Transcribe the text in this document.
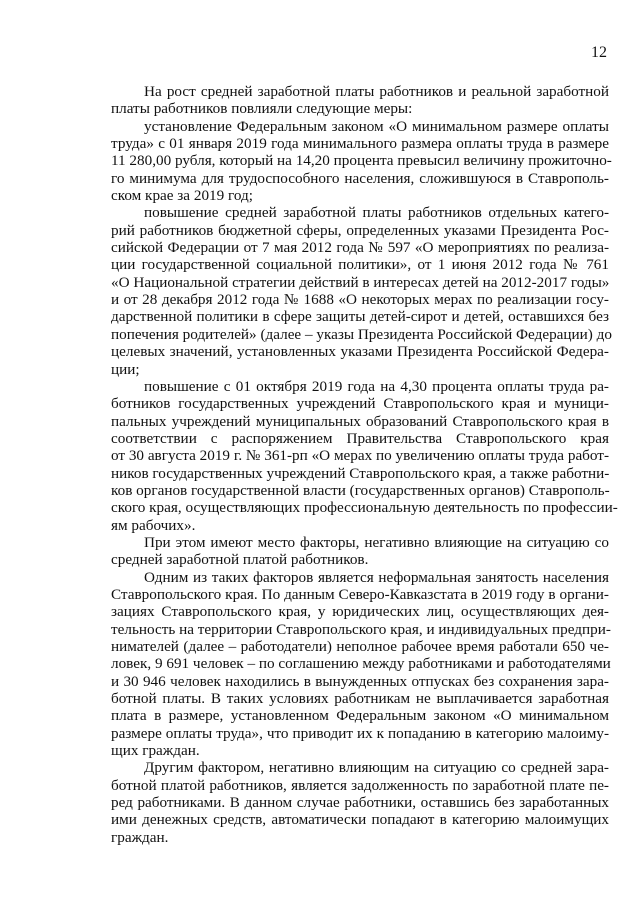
12
На рост средней заработной платы работников и реальной заработной
платы работников повлияли следующие меры:
установление Федеральным законом «О минимальном размере оплаты
труда» с 01 января 2019 года минимального размера оплаты труда в размере
11 280,00 рубля, который на 14,20 процента превысил величину прожиточно-
го минимума для трудоспособного населения, сложившуюся в Ставрополь-
ском крае за 2019 год;
повышение средней заработной платы работников отдельных катего-
рий работников бюджетной сферы, определенных указами Президента Рос-
сийской Федерации от 7 мая 2012 года № 597 «О мероприятиях по реализа-
ции государственной социальной политики», от 1 июня 2012 года № 761
«О Национальной стратегии действий в интересах детей на 2012-2017 годы»
и от 28 декабря 2012 года № 1688 «О некоторых мерах по реализации госу-
дарственной политики в сфере защиты детей-сирот и детей, оставшихся без
попечения родителей» (далее – указы Президента Российской Федерации) до
целевых значений, установленных указами Президента Российской Федера-
ции;
повышение с 01 октября 2019 года на 4,30 процента оплаты труда ра-
ботников государственных учреждений Ставропольского края и муници-
пальных учреждений муниципальных образований Ставропольского края в
соответствии с распоряжением Правительства Ставропольского края
от 30 августа 2019 г. № 361-рп «О мерах по увеличению оплаты труда работ-
ников государственных учреждений Ставропольского края, а также работни-
ков органов государственной власти (государственных органов) Ставрополь-
ского края, осуществляющих профессиональную деятельность по профессии-
ям рабочих».
При этом имеют место факторы, негативно влияющие на ситуацию со
средней заработной платой работников.
Одним из таких факторов является неформальная занятость населения
Ставропольского края. По данным Северо-Кавказстата в 2019 году в органи-
зациях Ставропольского края, у юридических лиц, осуществляющих дея-
тельность на территории Ставропольского края, и индивидуальных предпри-
нимателей (далее – работодатели) неполное рабочее время работали 650 че-
ловек, 9 691 человек – по соглашению между работниками и работодателями
и 30 946 человек находились в вынужденных отпусках без сохранения зара-
ботной платы. В таких условиях работникам не выплачивается заработная
плата в размере, установленном Федеральным законом «О минимальном
размере оплаты труда», что приводит их к попаданию в категорию малоиму-
щих граждан.
Другим фактором, негативно влияющим на ситуацию со средней зара-
ботной платой работников, является задолженность по заработной плате пе-
ред работниками. В данном случае работники, оставшись без заработанных
ими денежных средств, автоматически попадают в категорию малоимущих
граждан.
